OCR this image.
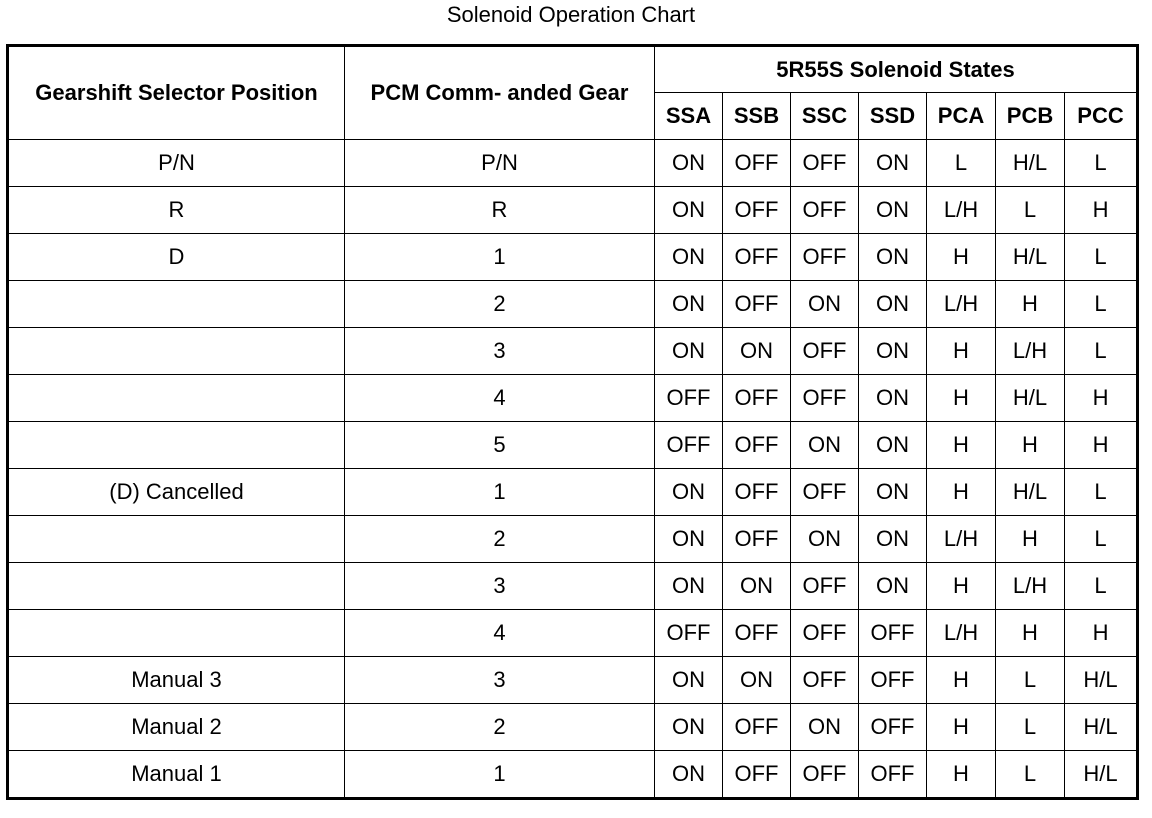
Solenoid Operation Chart
Gearshift Selector Position	PCM Comm- anded Gear	5R55S Solenoid States						
		SSA	SSB	SSC	SSD	PCA	PCB	PCC
P/N	P/N	ON	OFF	OFF	ON	L	H/L	L
R	R	ON	OFF	OFF	ON	L/H	L	H
D	1	ON	OFF	OFF	ON	H	H/L	L
	2	ON	OFF	ON	ON	L/H	H	L
	3	ON	ON	OFF	ON	H	L/H	L
	4	OFF	OFF	OFF	ON	H	H/L	H
	5	OFF	OFF	ON	ON	H	H	H
(D) Cancelled	1	ON	OFF	OFF	ON	H	H/L	L
	2	ON	OFF	ON	ON	L/H	H	L
	3	ON	ON	OFF	ON	H	L/H	L
	4	OFF	OFF	OFF	OFF	L/H	H	H
Manual 3	3	ON	ON	OFF	OFF	H	L	H/L
Manual 2	2	ON	OFF	ON	OFF	H	L	H/L
Manual 1	1	ON	OFF	OFF	OFF	H	L	H/L
